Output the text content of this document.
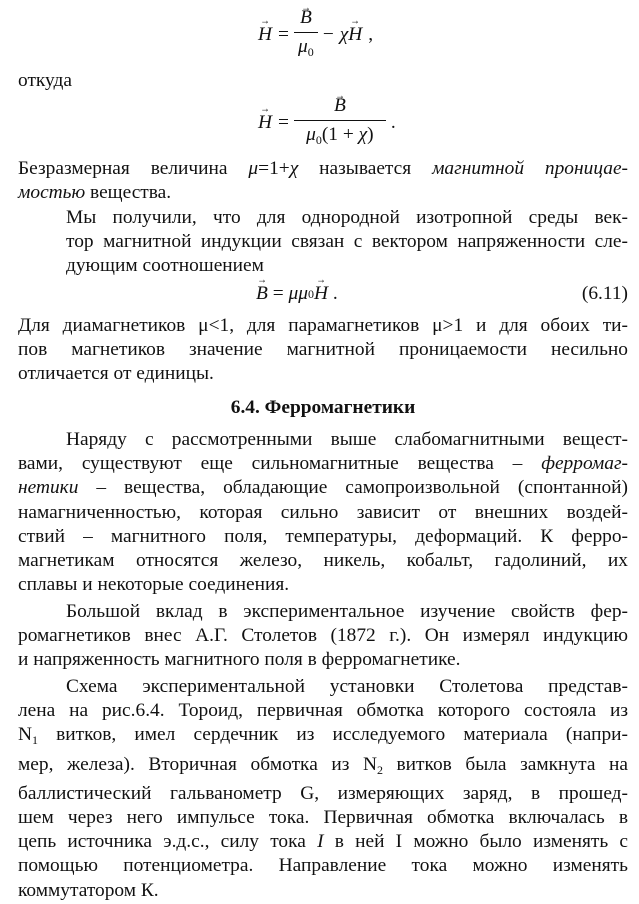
→ H =
→ $\frac{B}{\mu_0} - \chi$
→ H ,
откуда
→ H =
→ $\frac{B}{\mu_0(1 + \chi)}$ .
Безразмерная величина μ=1+χ называется магнитной проницае-
мостью вещества.
Мы получили, что для однородной изотропной среды век-
тор магнитной индукции связан с вектором напряженности сле-
дующим соотношением
→ B = μμ 0
→ H .	(6.11)
Для диамагнетиков μ<1, для парамагнетиков μ>1 и для обоих ти-
пов магнетиков значение магнитной проницаемости несильно
отличается от единицы.
6.4. Ферромагнетики
Наряду с рассмотренными выше слабомагнитными вещест-
вами, существуют еще сильномагнитные вещества – ферромаг-
нетики – вещества, обладающие самопроизвольной (спонтанной)
намагниченностью, которая сильно зависит от внешних воздей-
ствий – магнитного поля, температуры, деформаций. К ферро-
магнетикам относятся железо, никель, кобальт, гадолиний, их
сплавы и некоторые соединения.
Большой вклад в экспериментальное изучение свойств фер-
ромагнетиков внес А.Г. Столетов (1872 г.). Он измерял индукцию
и напряженность магнитного поля в ферромагнетике.
Схема экспериментальной установки Столетова представ-
лена на рис.6.4. Тороид, первичная обмотка которого состояла из
$N_1$ витков, имел сердечник из исследуемого материала (напри-
мер, железа). Вторичная обмотка из $N_2$ витков была замкнута на
баллистический гальванометр G, измеряющих заряд, в прошед-
шем через него импульсе тока. Первичная обмотка включалась в
цепь источника э.д.с., силу тока I в ней I можно было изменять с
помощью потенциометра. Направление тока можно изменять
коммутатором К.
